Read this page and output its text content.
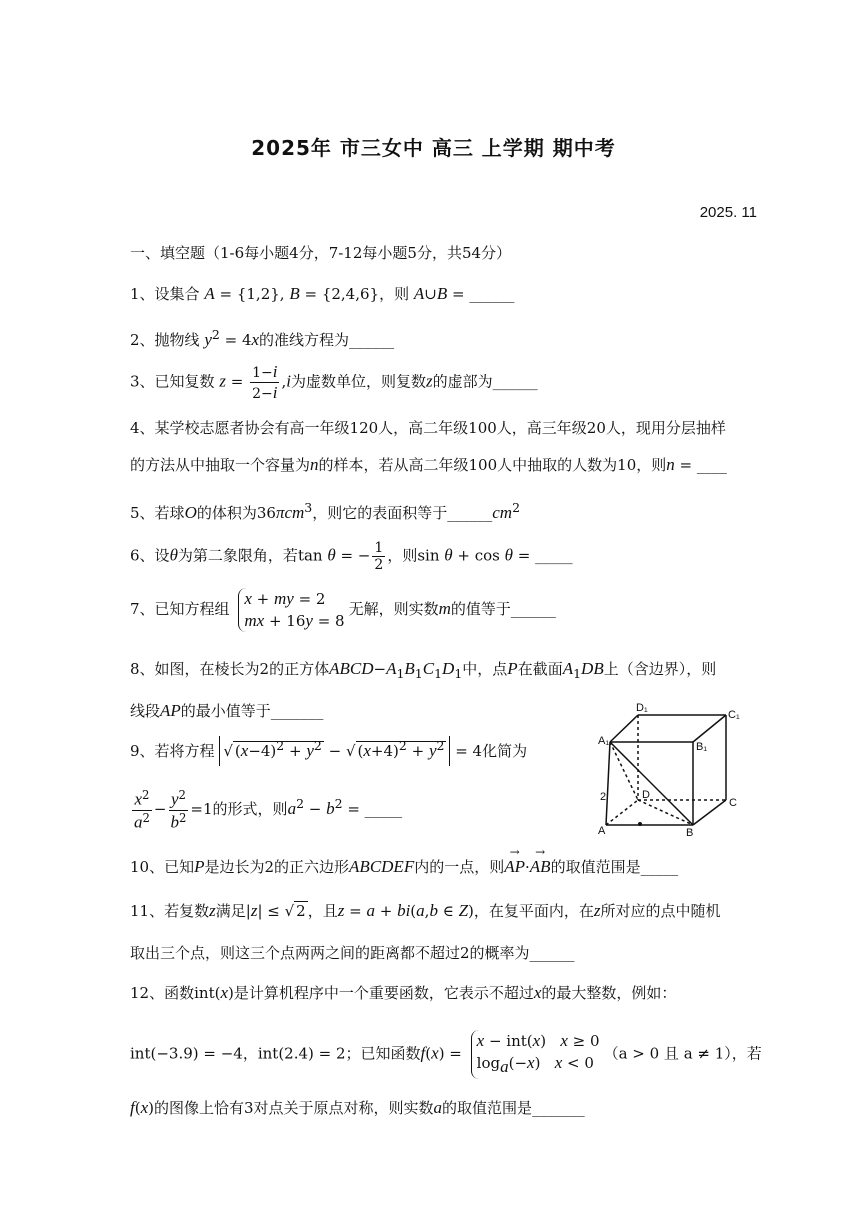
2025年 市三女中 高三 上学期 期中考
2025. 11
一、填空题（1-6每小题4分，7-12每小题5分，共54分）
1、设集合 A = {1,2}, B = {2,4,6}，则 A∪B = ______
2、抛物线 $y^2 = 4x$的准线方程为______
3、已知复数 $z = \frac{1-i}{2-i} ,i$为虚数单位，则复数z的虚部为______
4、某学校志愿者协会有高一年级120人，高二年级100人，高三年级20人，现用分层抽样
的方法从中抽取一个容量为n的样本，若从高二年级100人中抽取的人数为10，则n = ____
5、若球O的体积为36πcm$^3$，则它的表面积等于$\_\_\_\_\_\_cm^2$
6、设θ为第二象限角，若tan θ = − $\frac{1}{2}$ ，则sin θ + cos θ = _____
7、已知方程组 x + my = 2
mx + 16y = 8无解，则实数m的值等于______
8、如图，在棱长为2的正方体$ABCD-A_1B_1C_1D_1$中，点P在截面$A_1DB$上（含边界），则
线段AP的最小值等于_______
9、若将方程 √ $(x-4)^2 + y^2$ − √ $(x+4)^2 + y^2 = 4$化简为
$\frac{x^2}{a^2} - \frac{y^2}{b^2} =1$的形式，则$a^2 - b^2$ = _____
D₁
C₁
A₁	B₁
D
C
A	B
2
10、已知P是边长为2的正六边形ABCDEF内的一点，则→ AP·→ AB的取值范围是_____
11、若复数z满足|z| ≤ √ 2 ，且z = a + bi(a,b ∈ Z)，在复平面内，在z所对应的点中随机
取出三个点，则这三个点两两之间的距离都不超过2的概率为______
12、函数int(x)是计算机程序中一个重要函数，它表示不超过x的最大整数，例如：
int(−3.9) = −4，int(2.4) = 2；已知函数f(x) = x − int(x)   x ≥ 0
$\log_a(-x) x < 0(a > 0$ 且 a ≠ 1），若
f(x)的图像上恰有3对点关于原点对称，则实数a的取值范围是_______
